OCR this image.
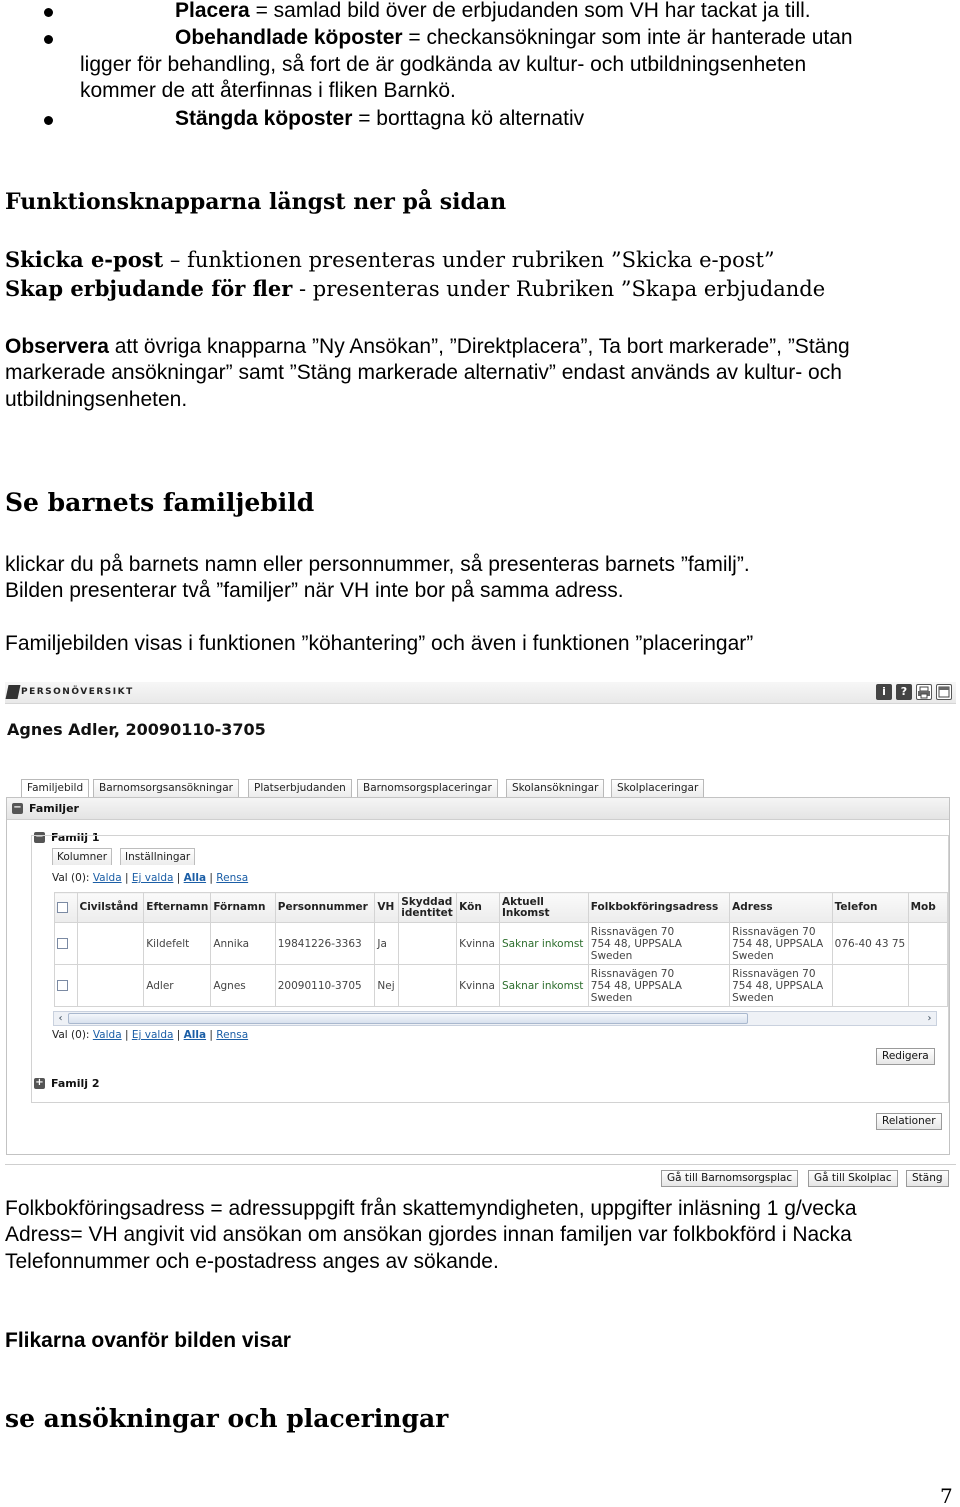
Placera = samlad bild över de erbjudanden som VH har tackat ja till.
Obehandlade köposter = checkansökningar som inte är hanterade utan
ligger för behandling, så fort de är godkända av kultur- och utbildningsenheten
kommer de att återfinnas i fliken Barnkö.
Stängda köposter = borttagna kö alternativ
Funktionsknapparna längst ner på sidan
Skicka e-post – funktionen presenteras under rubriken ”Skicka e-post”
Skap erbjudande för fler - presenteras under Rubriken ”Skapa erbjudande
Observera att övriga knapparna ”Ny Ansökan”, ”Direktplacera”, Ta bort markerade”, ”Stäng
markerade ansökningar” samt ”Stäng markerade alternativ” endast används av kultur- och
utbildningsenheten.
Se barnets familjebild
klickar du på barnets namn eller personnummer, så presenteras barnets ”familj”.
Bilden presenterar två ”familjer” när VH inte bor på samma adress.
Familjebilden visas i funktionen ”köhantering” och även i funktionen ”placeringar”
PERSONÖVERSIKT	i	?
Agnes Adler, 20090110-3705
Familjebild	Barnomsorgsansökningar	Platserbjudanden	Barnomsorgsplaceringar	Skolansökningar	Skolplaceringar
− Familjer
− Familj 1
Kolumner	Inställningar
Val (0): Valda | Ej valda | Alla | Rensa
	Civilstånd	Efternamn	Förnamn	Personnummer	VH	Skyddad identitet	Kön	Aktuell Inkomst	Folkbokföringsadress	Adress	Telefon	Mob
		Kildefelt	Annika	19841226-3363	Ja		Kvinna	Saknar inkomst	Rissnavägen 70
754 48, UPPSALA
Sweden	Rissnavägen 70
754 48, UPPSALA
Sweden	076-40 43 75	
		Adler	Agnes	20090110-3705	Nej		Kvinna	Saknar inkomst	Rissnavägen 70
754 48, UPPSALA
Sweden	Rissnavägen 70
754 48, UPPSALA
Sweden		
‹	›
Val (0): Valda | Ej valda | Alla | Rensa
Redigera
+ Familj 2
Relationer
Gå till Barnomsorgsplac	Gå till Skolplac	Stäng
Folkbokföringsadress = adressuppgift från skattemyndigheten, uppgifter inläsning 1 g/vecka
Adress= VH angivit vid ansökan om ansökan gjordes innan familjen var folkbokförd i Nacka
Telefonnummer och e-postadress anges av sökande.
Flikarna ovanför bilden visar
se ansökningar och placeringar
7
